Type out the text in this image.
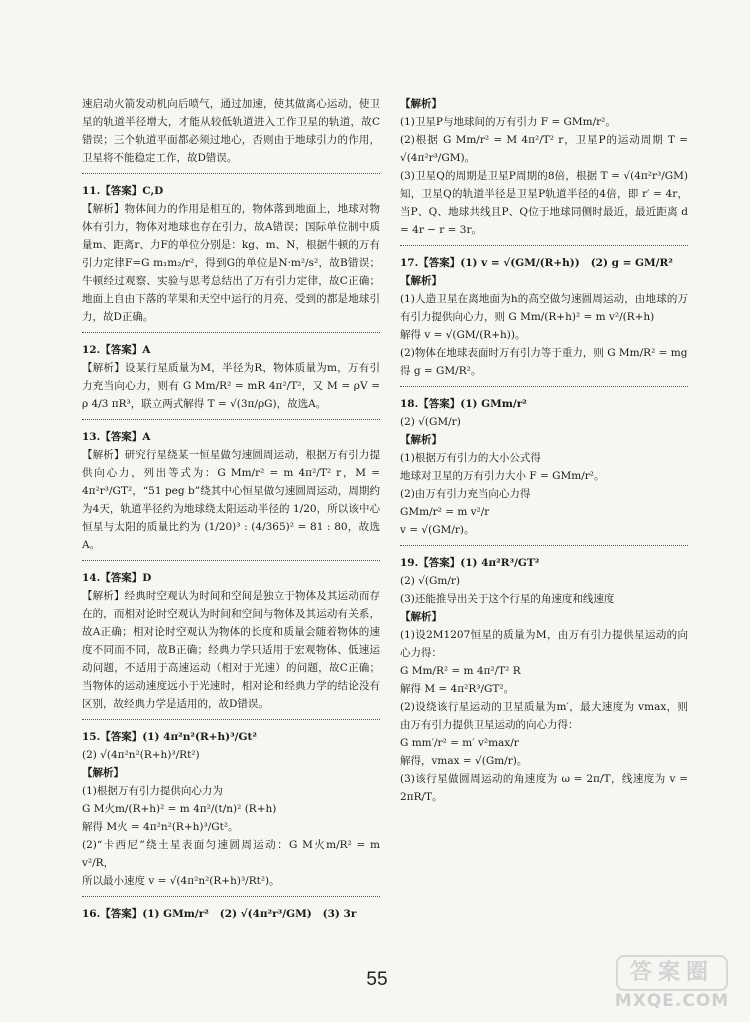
速启动火箭发动机向后喷气，通过加速，使其做离心运动，使卫星的轨道半径增大，才能从较低轨道进入工作卫星的轨道，故C错误；三个轨道平面都必须过地心，否则由于地球引力的作用，卫星将不能稳定工作，故D错误。

11.【答案】C,D

【解析】物体间力的作用是相互的，物体落到地面上，地球对物体有引力，物体对地球也存在引力，故A错误；国际单位制中质量m、距离r、力F的单位分别是：kg、m、N，根据牛顿的万有引力定律F=G m₁m₂/r²，得到G的单位是N·m²/s²，故B错误；牛顿经过观察、实验与思考总结出了万有引力定律，故C正确；地面上自由下落的苹果和天空中运行的月亮，受到的都是地球引力，故D正确。

12.【答案】A

【解析】设某行星质量为M，半径为R，物体质量为m，万有引力充当向心力，则有 G Mm/R² = mR 4π²/T²，又 M = ρV = ρ 4/3 πR³，联立两式解得 T = √(3π/ρG)，故选A。

13.【答案】A

【解析】研究行星绕某一恒星做匀速圆周运动，根据万有引力提供向心力，列出等式为：G Mm/r² = m 4π²/T² r，M = 4π²r³/GT²，“51 peg b”绕其中心恒星做匀速圆周运动，周期约为4天，轨道半径约为地球绕太阳运动半径的 1/20，所以该中心恒星与太阳的质量比约为 (1/20)³ : (4/365)² = 81 : 80，故选A。

14.【答案】D

【解析】经典时空观认为时间和空间是独立于物体及其运动而存在的，而相对论时空观认为时间和空间与物体及其运动有关系，故A正确；相对论时空观认为物体的长度和质量会随着物体的速度不同而不同，故B正确；经典力学只适用于宏观物体、低速运动问题，不适用于高速运动（相对于光速）的问题，故C正确；当物体的运动速度远小于光速时，相对论和经典力学的结论没有区别，故经典力学是适用的，故D错误。

15.【答案】(1) 4π²n²(R+h)³/Gt²

(2) √(4π²n²(R+h)³/Rt²)

【解析】

(1)根据万有引力提供向心力为

G M火m/(R+h)² = m 4π²/(t/n)² (R+h)

解得 M火 = 4π²n²(R+h)³/Gt²。

(2)“卡西尼”绕土星表面匀速圆周运动：G M火m/R² = m v²/R，

所以最小速度 v = √(4π²n²(R+h)³/Rt²)。

16.【答案】(1) GMm/r²   (2) √(4π²r³/GM)   (3) 3r

【解析】

(1)卫星P与地球间的万有引力 F = GMm/r²。

(2)根据 G Mm/r² = M 4π²/T² r，卫星P的运动周期 T = √(4π²r³/GM)。

(3)卫星Q的周期是卫星P周期的8倍，根据 T = √(4π²r³/GM) 知，卫星Q的轨道半径是卫星P轨道半径的4倍，即 r′ = 4r，当P、Q、地球共线且P、Q位于地球同侧时最近，最近距离 d = 4r − r = 3r。

17.【答案】(1) v = √(GM/(R+h))   (2) g = GM/R²

【解析】

(1)人造卫星在离地面为h的高空做匀速圆周运动，由地球的万有引力提供向心力，则 G Mm/(R+h)² = m v²/(R+h)

解得 v = √(GM/(R+h))。

(2)物体在地球表面时万有引力等于重力，则 G Mm/R² = mg

得 g = GM/R²。

18.【答案】(1) GMm/r²

(2) √(GM/r)

【解析】

(1)根据万有引力的大小公式得

地球对卫星的万有引力大小 F = GMm/r²。

(2)由万有引力充当向心力得

GMm/r² = m v²/r

v = √(GM/r)。

19.【答案】(1) 4π²R³/GT²

(2) √(Gm/r)

(3)还能推导出关于这个行星的角速度和线速度

【解析】

(1)设2M1207恒星的质量为M，由万有引力提供星运动的向心力得：

G Mm/R² = m 4π²/T² R

解得 M = 4π²R³/GT²。

(2)设绕该行星运动的卫星质量为m′，最大速度为 vmax，则由万有引力提供卫星运动的向心力得：

G mm′/r² = m′ v²max/r

解得，vmax = √(Gm/r)。

(3)该行星做圆周运动的角速度为 ω = 2π/T，线速度为 v = 2πR/T。

55	答案圈
MXQE.COM
